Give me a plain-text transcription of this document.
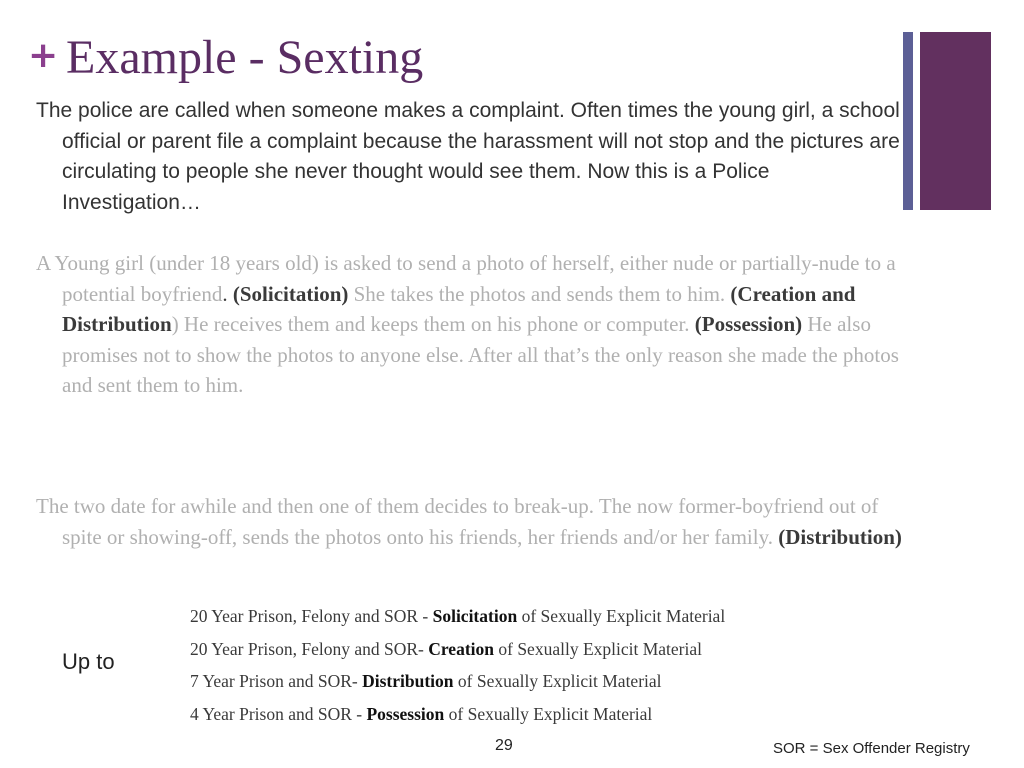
+ Example - Sexting

The police are called when someone makes a complaint. Often times the young girl, a school official or parent file a complaint because the harassment will not stop and the pictures are circulating to people she never thought would see them. Now this is a Police Investigation…

A Young girl (under 18 years old) is asked to send a photo of herself, either nude or partially-nude to a potential boyfriend. (Solicitation) She takes the photos and sends them to him. (Creation and Distribution) He receives them and keeps them on his phone or computer. (Possession) He also promises not to show the photos to anyone else. After all that’s the only reason she made the photos and sent them to him.

The two date for awhile and then one of them decides to break-up. The now former-boyfriend out of spite or showing-off, sends the photos onto his friends, her friends and/or her family. (Distribution)

Up to
20 Year Prison, Felony and SOR - Solicitation of Sexually Explicit Material
20 Year Prison, Felony and SOR- Creation of Sexually Explicit Material
7 Year Prison and SOR- Distribution of Sexually Explicit Material
4 Year Prison and SOR - Possession of Sexually Explicit Material
29	SOR = Sex Offender Registry
